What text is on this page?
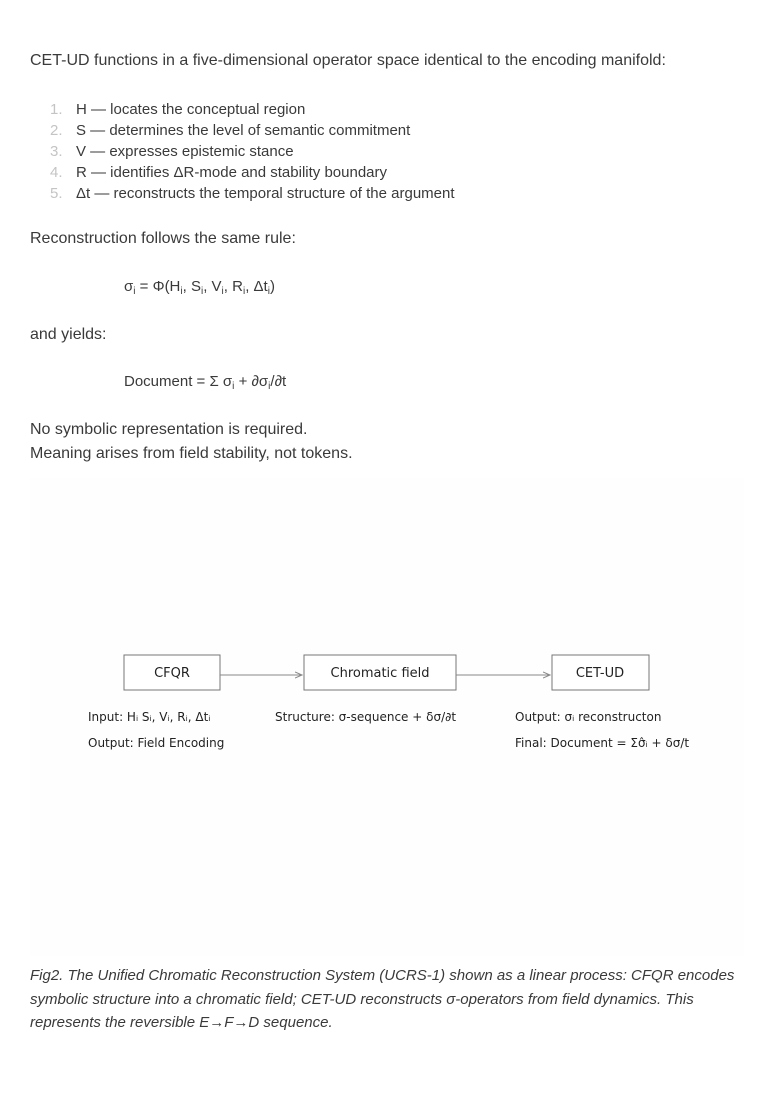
CET-UD functions in a five-dimensional operator space identical to the encoding manifold:

1. H — locates the conceptual region
2. S — determines the level of semantic commitment
3. V — expresses epistemic stance
4. R — identifies ΔR-mode and stability boundary
5. Δt — reconstructs the temporal structure of the argument

Reconstruction follows the same rule:

$\sigma_i = \Phi(H_i$, $S_i$, $V_i$, $R_i$, $\Delta t_i$)

and yields:

Document = Σ $\sigma_i + \partial\sigma_i/\partial t$

No symbolic representation is required.

Meaning arises from field stability, not tokens.

CFQR	Chromatic field	CET-UD
Input: Hᵢ Sᵢ, Vᵢ, Rᵢ, Δtᵢ
Output: Field Encoding
Structure: σ-sequence + δσ/∂t	Output: σᵢ reconstructon
Final: Document = Σσ̂ᵢ + δσ/t

Fig2. The Unified Chromatic Reconstruction System (UCRS-1) shown as a linear process: CFQR encodes symbolic structure into a chromatic field; CET-UD reconstructs σ-operators from field dynamics. This represents the reversible E→F→D sequence.
